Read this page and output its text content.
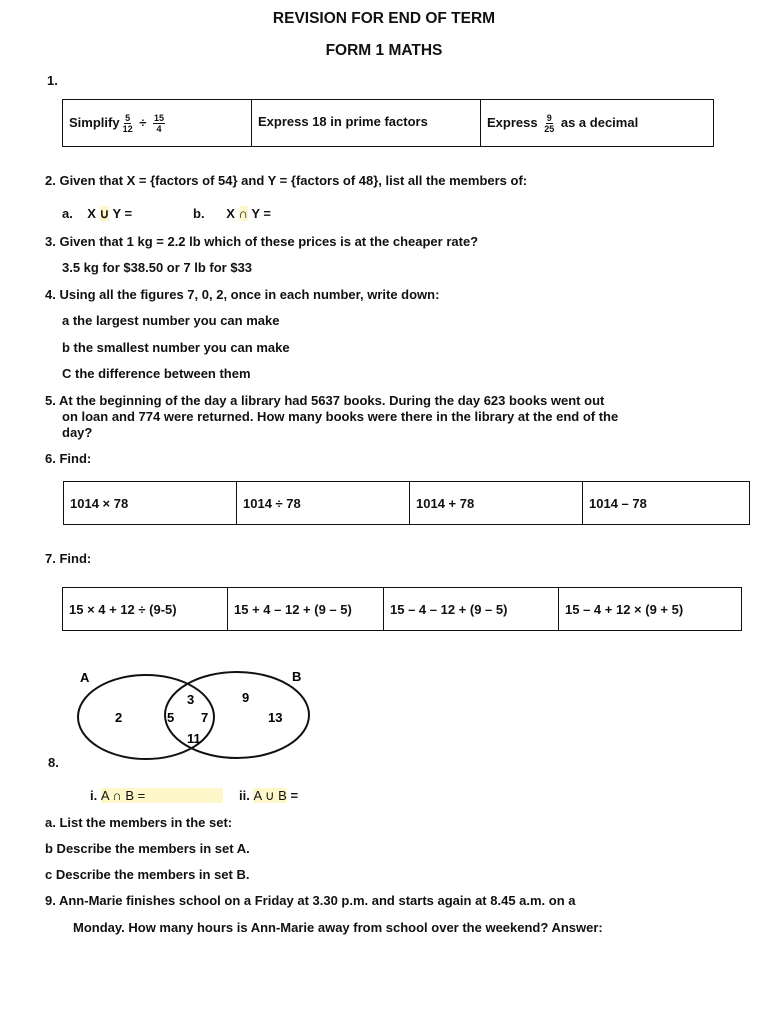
REVISION FOR END OF TERM
FORM 1 MATHS
1.
Simplify $\frac{5}{12} \div \frac{15}{4}$	Express 18 in prime factors	Express $\frac{9}{25}$ as a decimal
2. Given that X = {factors of 54} and Y = {factors of 48}, list all the members of:
a. X ∪ Y =	b. X ∩ Y =
3. Given that 1 kg = 2.2 lb which of these prices is at the cheaper rate?
3.5 kg for $38.50 or 7 lb for $33
4. Using all the figures 7, 0, 2, once in each number, write down:
a the largest number you can make
b the smallest number you can make
C the difference between them
5. At the beginning of the day a library had 5637 books. During the day 623 books went out
on loan and 774 were returned. How many books were there in the library at the end of the
day?
6. Find:
1014 × 78	1014 ÷ 78	1014 + 78	1014 – 78
7. Find:
15 × 4 + 12 ÷ (9-5)	15 + 4 – 12 + (9 – 5)	15 – 4 – 12 + (9 – 5)	15 – 4 + 12 × (9 + 5)
A	B
2
3
5 7
11
9
13
8.
i. A ∩ B =	ii. A ∪ B =
a. List the members in the set:
b Describe the members in set A.
c Describe the members in set B.
9. Ann-Marie finishes school on a Friday at 3.30 p.m. and starts again at 8.45 a.m. on a
Monday. How many hours is Ann-Marie away from school over the weekend? Answer:
